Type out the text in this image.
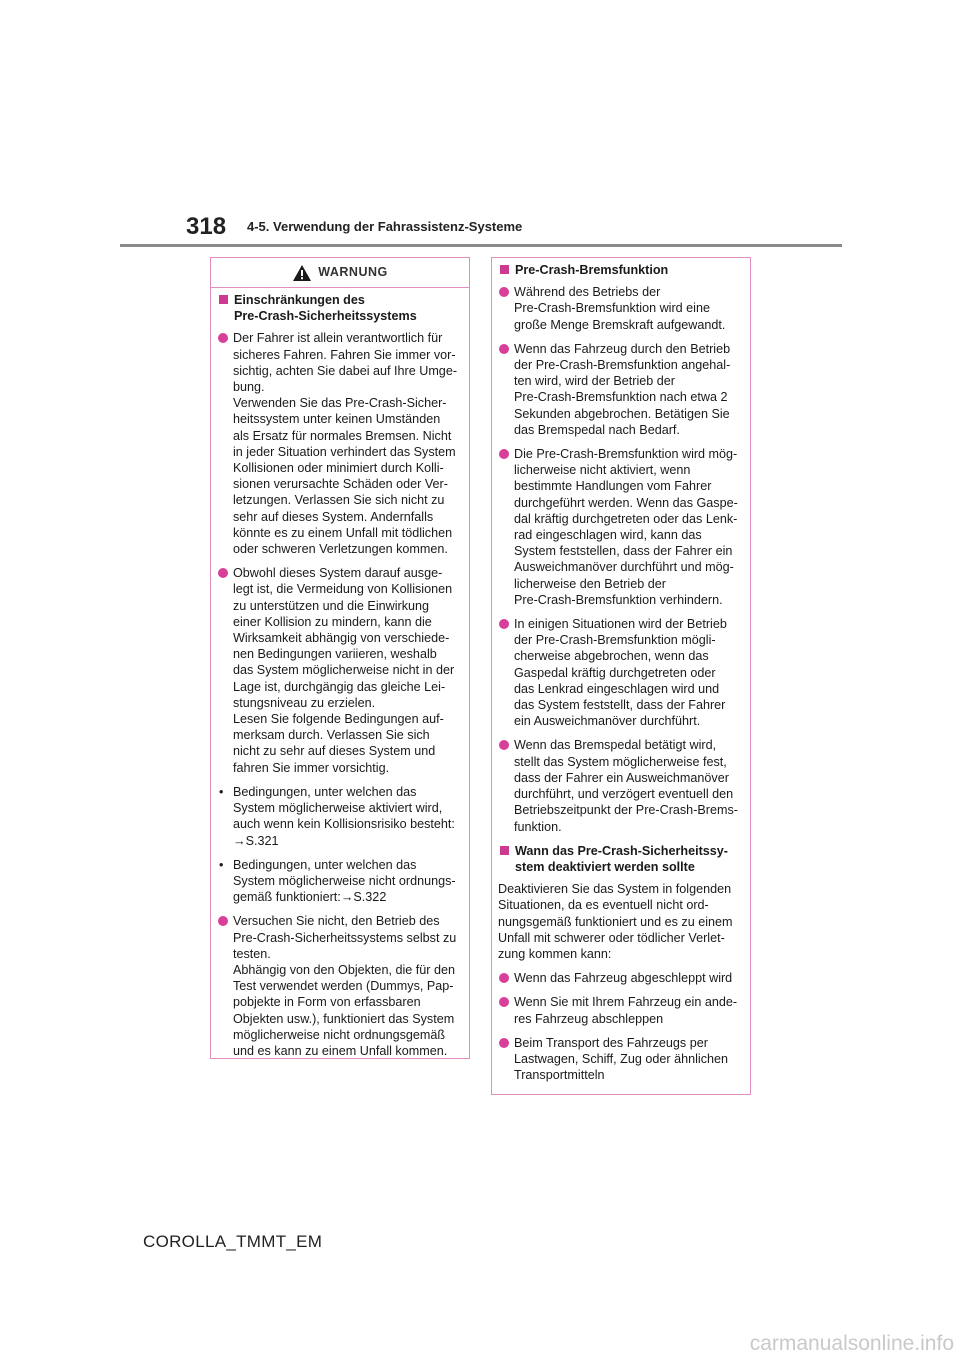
318 4-5. Verwendung der Fahrassistenz-Systeme
WARNUNG
Einschränkungen des
Pre-Crash-Sicherheitssystems
Der Fahrer ist allein verantwortlich für
sicheres Fahren. Fahren Sie immer vor-
sichtig, achten Sie dabei auf Ihre Umge-
bung.
Verwenden Sie das Pre-Crash-Sicher-
heitssystem unter keinen Umständen
als Ersatz für normales Bremsen. Nicht
in jeder Situation verhindert das System
Kollisionen oder minimiert durch Kolli-
sionen verursachte Schäden oder Ver-
letzungen. Verlassen Sie sich nicht zu
sehr auf dieses System. Andernfalls
könnte es zu einem Unfall mit tödlichen
oder schweren Verletzungen kommen.
Obwohl dieses System darauf ausge-
legt ist, die Vermeidung von Kollisionen
zu unterstützen und die Einwirkung
einer Kollision zu mindern, kann die
Wirksamkeit abhängig von verschiede-
nen Bedingungen variieren, weshalb
das System möglicherweise nicht in der
Lage ist, durchgängig das gleiche Lei-
stungsniveau zu erzielen.
Lesen Sie folgende Bedingungen auf-
merksam durch. Verlassen Sie sich
nicht zu sehr auf dieses System und
fahren Sie immer vorsichtig.
• Bedingungen, unter welchen das
System möglicherweise aktiviert wird,
auch wenn kein Kollisionsrisiko besteht:
→S.321
• Bedingungen, unter welchen das
System möglicherweise nicht ordnungs-
gemäß funktioniert:→S.322
Versuchen Sie nicht, den Betrieb des
Pre-Crash-Sicherheitssystems selbst zu
testen.
Abhängig von den Objekten, die für den
Test verwendet werden (Dummys, Pap-
pobjekte in Form von erfassbaren
Objekten usw.), funktioniert das System
möglicherweise nicht ordnungsgemäß
und es kann zu einem Unfall kommen.
Pre-Crash-Bremsfunktion
Während des Betriebs der
Pre-Crash-Bremsfunktion wird eine
große Menge Bremskraft aufgewandt.
Wenn das Fahrzeug durch den Betrieb
der Pre-Crash-Bremsfunktion angehal-
ten wird, wird der Betrieb der
Pre-Crash-Bremsfunktion nach etwa 2
Sekunden abgebrochen. Betätigen Sie
das Bremspedal nach Bedarf.
Die Pre-Crash-Bremsfunktion wird mög-
licherweise nicht aktiviert, wenn
bestimmte Handlungen vom Fahrer
durchgeführt werden. Wenn das Gaspe-
dal kräftig durchgetreten oder das Lenk-
rad eingeschlagen wird, kann das
System feststellen, dass der Fahrer ein
Ausweichmanöver durchführt und mög-
licherweise den Betrieb der
Pre-Crash-Bremsfunktion verhindern.
In einigen Situationen wird der Betrieb
der Pre-Crash-Bremsfunktion mögli-
cherweise abgebrochen, wenn das
Gaspedal kräftig durchgetreten oder
das Lenkrad eingeschlagen wird und
das System feststellt, dass der Fahrer
ein Ausweichmanöver durchführt.
Wenn das Bremspedal betätigt wird,
stellt das System möglicherweise fest,
dass der Fahrer ein Ausweichmanöver
durchführt, und verzögert eventuell den
Betriebszeitpunkt der Pre-Crash-Brems-
funktion.
Wann das Pre-Crash-Sicherheitssy-
stem deaktiviert werden sollte
Deaktivieren Sie das System in folgenden
Situationen, da es eventuell nicht ord-
nungsgemäß funktioniert und es zu einem
Unfall mit schwerer oder tödlicher Verlet-
zung kommen kann:
Wenn das Fahrzeug abgeschleppt wird
Wenn Sie mit Ihrem Fahrzeug ein ande-
res Fahrzeug abschleppen
Beim Transport des Fahrzeugs per
Lastwagen, Schiff, Zug oder ähnlichen
Transportmitteln
COROLLA_TMMT_EM
carmanualsonline.info
